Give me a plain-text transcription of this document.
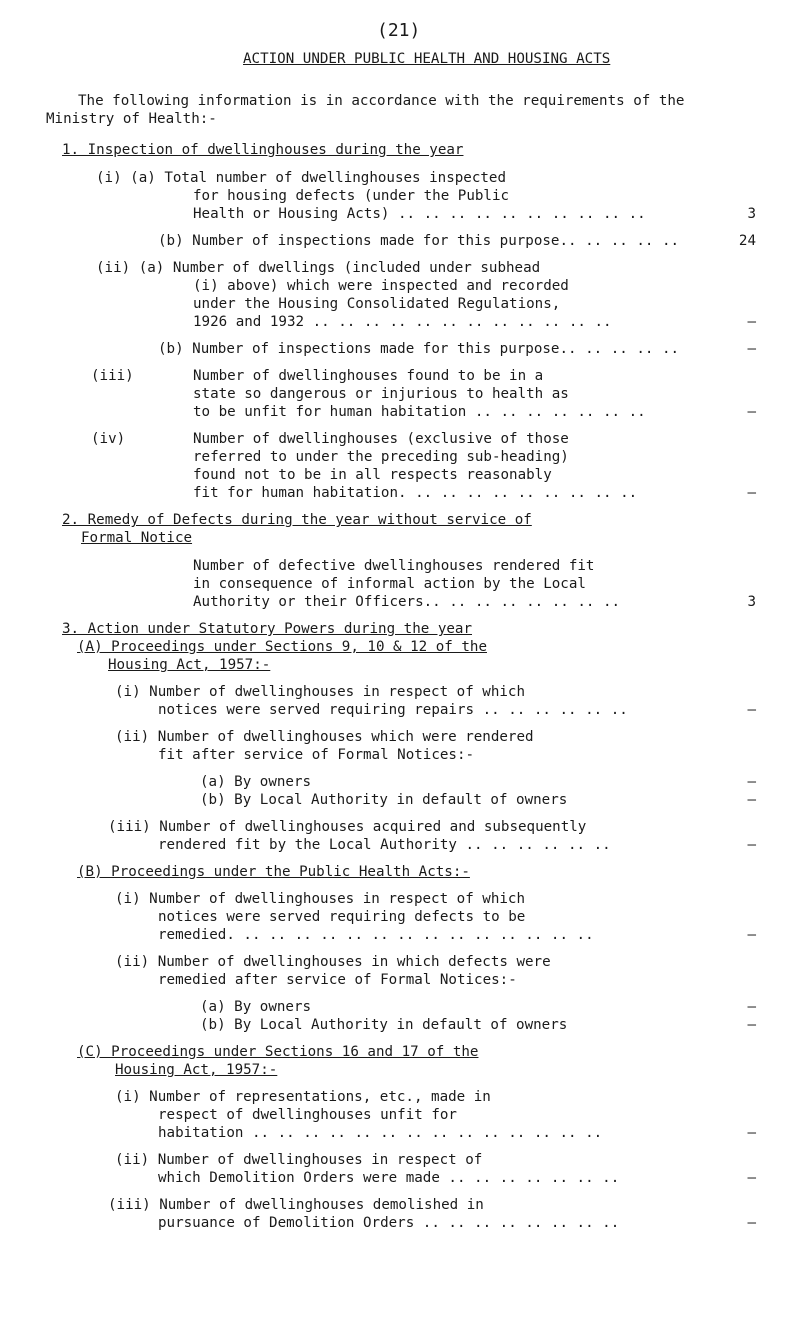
(21)
ACTION UNDER PUBLIC HEALTH AND HOUSING ACTS
The following information is in accordance with the requirements of the
Ministry of Health:-
1. Inspection of dwellinghouses during the year
(i) (a) Total number of dwellinghouses inspected
for housing defects (under the Public
Health or Housing Acts) .. .. .. .. .. .. .. .. .. ..	3
(b) Number of inspections made for this purpose.. .. .. .. ..	24
(ii) (a) Number of dwellings (included under subhead
(i) above) which were inspected and recorded
under the Housing Consolidated Regulations,
1926 and 1932 .. .. .. .. .. .. .. .. .. .. .. ..	–
(b) Number of inspections made for this purpose.. .. .. .. ..	–
(iii)	Number of dwellinghouses found to be in a
state so dangerous or injurious to health as
to be unfit for human habitation .. .. .. .. .. .. ..	–
(iv)	Number of dwellinghouses (exclusive of those
referred to under the preceding sub-heading)
found not to be in all respects reasonably
fit for human habitation. .. .. .. .. .. .. .. .. ..	–
2. Remedy of Defects during the year without service of
Formal Notice
Number of defective dwellinghouses rendered fit
in consequence of informal action by the Local
Authority or their Officers.. .. .. .. .. .. .. ..	3
3. Action under Statutory Powers during the year
(A) Proceedings under Sections 9, 10 & 12 of the
Housing Act, 1957:-
(i) Number of dwellinghouses in respect of which
notices were served requiring repairs .. .. .. .. .. ..	–
(ii) Number of dwellinghouses which were rendered
fit after service of Formal Notices:-
(a) By owners	–
(b) By Local Authority in default of owners	–
(iii) Number of dwellinghouses acquired and subsequently
rendered fit by the Local Authority .. .. .. .. .. ..	–
(B) Proceedings under the Public Health Acts:-
(i) Number of dwellinghouses in respect of which
notices were served requiring defects to be
remedied. .. .. .. .. .. .. .. .. .. .. .. .. .. ..	–
(ii) Number of dwellinghouses in which defects were
remedied after service of Formal Notices:-
(a) By owners	–
(b) By Local Authority in default of owners	–
(C) Proceedings under Sections 16 and 17 of the
Housing Act, 1957:-
(i) Number of representations, etc., made in
respect of dwellinghouses unfit for
habitation .. .. .. .. .. .. .. .. .. .. .. .. .. ..	–
(ii) Number of dwellinghouses in respect of
which Demolition Orders were made .. .. .. .. .. .. ..	–
(iii) Number of dwellinghouses demolished in
pursuance of Demolition Orders .. .. .. .. .. .. .. ..	–
